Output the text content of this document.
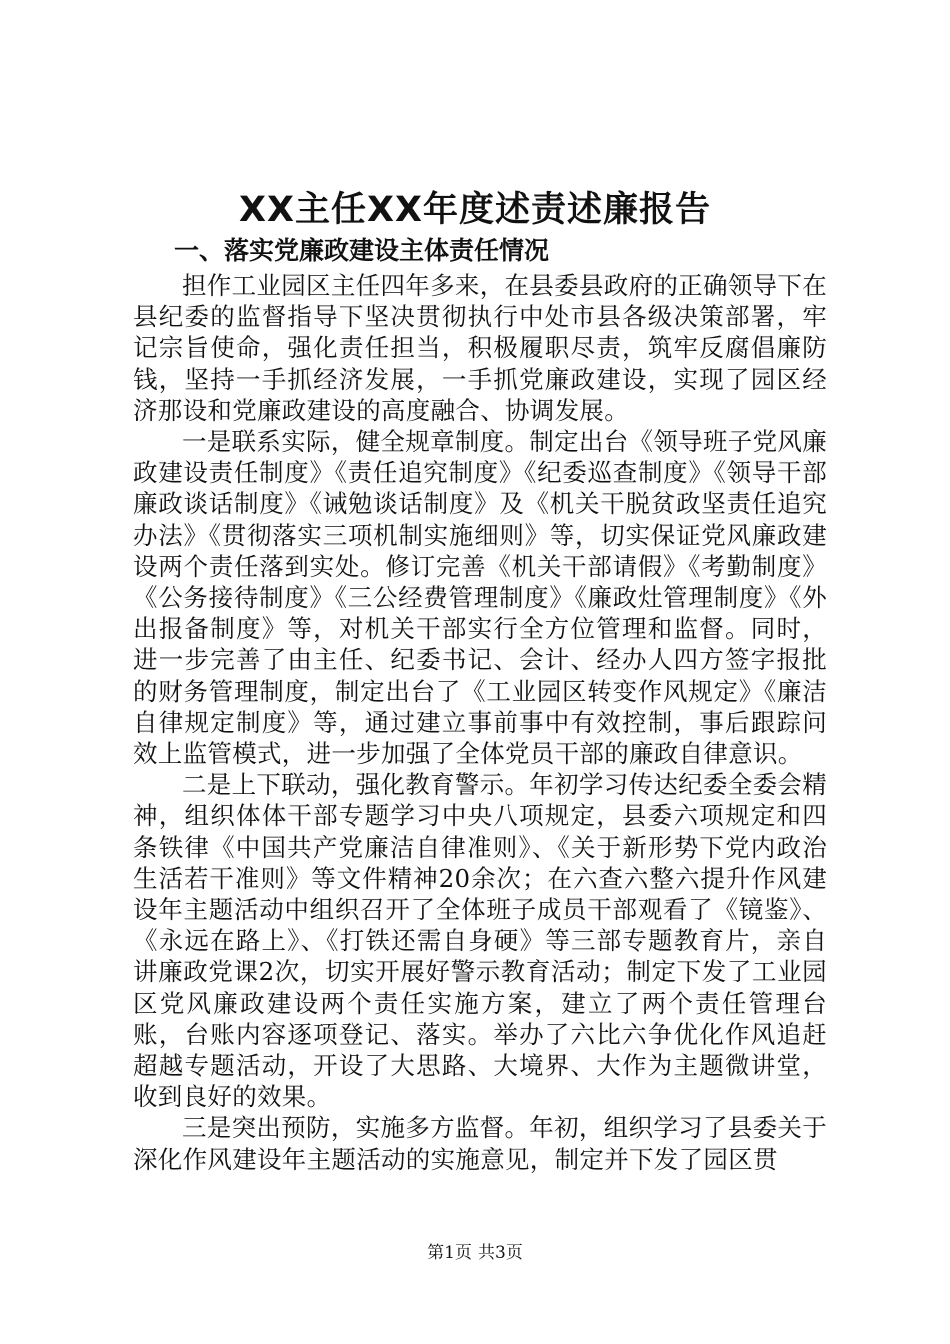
XX主任XX年度述责述廉报告

一、落实党廉政建设主体责任情况

担作工业园区主任四年多来，在县委县政府的正确领导下在县纪委的监督指导下坚决贯彻执行中处市县各级决策部署，牢记宗旨使命，强化责任担当，积极履职尽责，筑牢反腐倡廉防钱，坚持一手抓经济发展，一手抓党廉政建设，实现了园区经济那设和党廉政建设的高度融合、协调发展。

一是联系实际，健全规章制度。制定出台《领导班子党风廉政建设责任制度》《责任追究制度》《纪委巡查制度》《领导干部廉政谈话制度》《诫勉谈话制度》及《机关干脱贫政坚责任追究办法》《贯彻落实三项机制实施细则》等，切实保证党风廉政建设两个责任落到实处。修订完善《机关干部请假》《考勤制度》《公务接待制度》《三公经费管理制度》《廉政灶管理制度》《外出报备制度》等，对机关干部实行全方位管理和监督。同时，进一步完善了由主任、纪委书记、会计、经办人四方签字报批的财务管理制度，制定出台了《工业园区转变作风规定》《廉洁自律规定制度》等，通过建立事前事中有效控制，事后跟踪问效上监管模式，进一步加强了全体党员干部的廉政自律意识。

二是上下联动，强化教育警示。年初学习传达纪委全委会精神，组织体体干部专题学习中央八项规定，县委六项规定和四条铁律《中国共产党廉洁自律准则》、《关于新形势下党内政治生活若干准则》等文件精神20余次；在六查六整六提升作风建设年主题活动中组织召开了全体班子成员干部观看了《镜鉴》、《永远在路上》、《打铁还需自身硬》等三部专题教育片，亲自讲廉政党课2次，切实开展好警示教育活动；制定下发了工业园区党风廉政建设两个责任实施方案，建立了两个责任管理台账，台账内容逐项登记、落实。举办了六比六争优化作风追赶超越专题活动，开设了大思路、大境界、大作为主题微讲堂，收到良好的效果。

三是突出预防，实施多方监督。年初，组织学习了县委关于深化作风建设年主题活动的实施意见，制定并下发了园区贯

第1页 共3页
